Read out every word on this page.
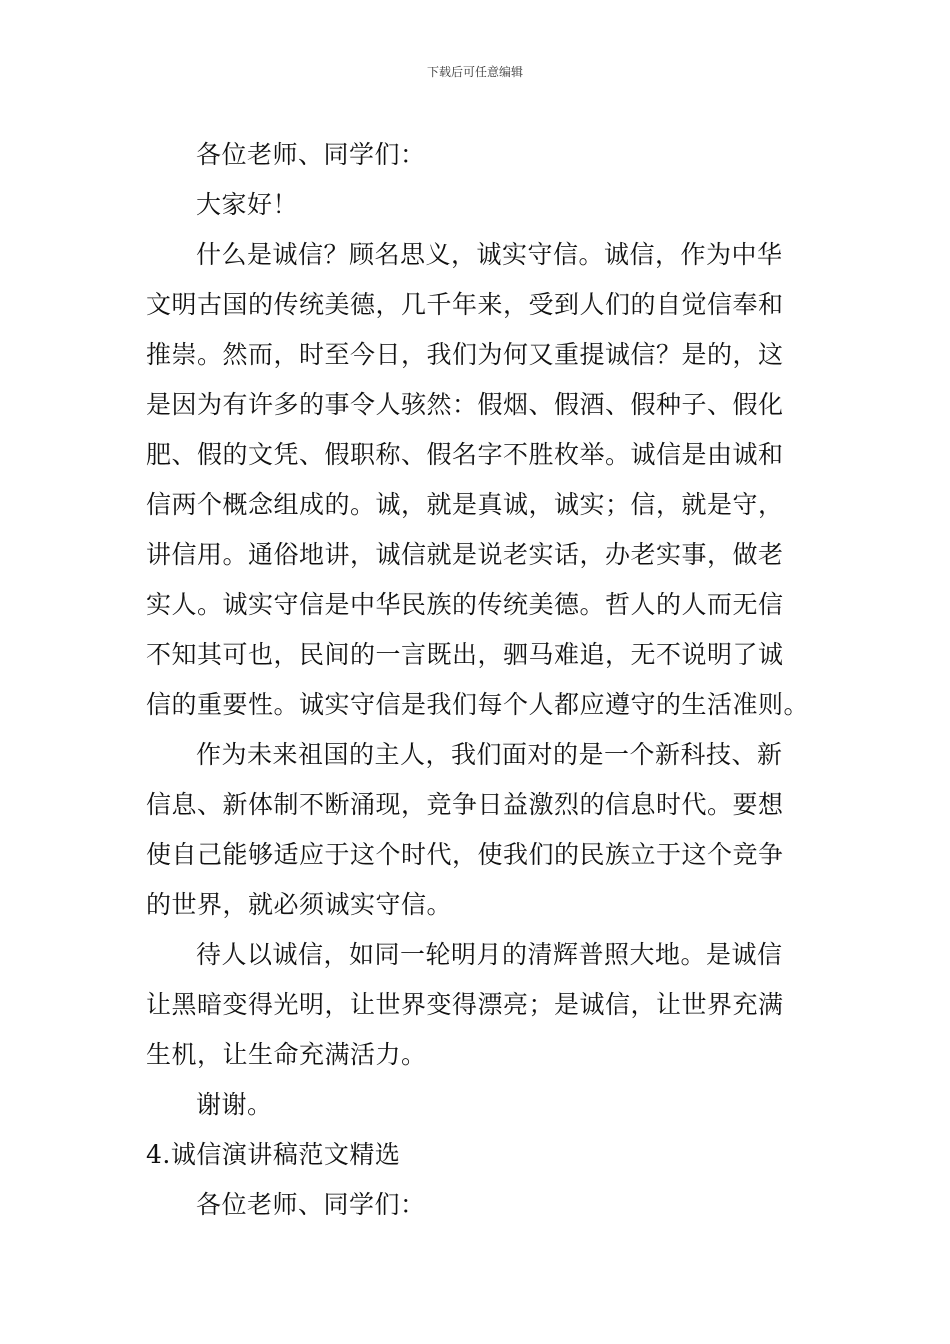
下载后可任意编辑
各位老师、同学们：
大家好！
什么是诚信？顾名思义，诚实守信。诚信，作为中华
文明古国的传统美德，几千年来，受到人们的自觉信奉和
推崇。然而，时至今日，我们为何又重提诚信？是的，这
是因为有许多的事令人骇然：假烟、假酒、假种子、假化
肥、假的文凭、假职称、假名字不胜枚举。诚信是由诚和
信两个概念组成的。诚，就是真诚，诚实；信，就是守，
讲信用。通俗地讲，诚信就是说老实话，办老实事，做老
实人。诚实守信是中华民族的传统美德。哲人的人而无信
不知其可也，民间的一言既出，驷马难追，无不说明了诚
信的重要性。诚实守信是我们每个人都应遵守的生活准则。
作为未来祖国的主人，我们面对的是一个新科技、新
信息、新体制不断涌现，竞争日益激烈的信息时代。要想
使自己能够适应于这个时代，使我们的民族立于这个竞争
的世界，就必须诚实守信。
待人以诚信，如同一轮明月的清辉普照大地。是诚信
让黑暗变得光明，让世界变得漂亮；是诚信，让世界充满
生机，让生命充满活力。
谢谢。
4.诚信演讲稿范文精选
各位老师、同学们：
